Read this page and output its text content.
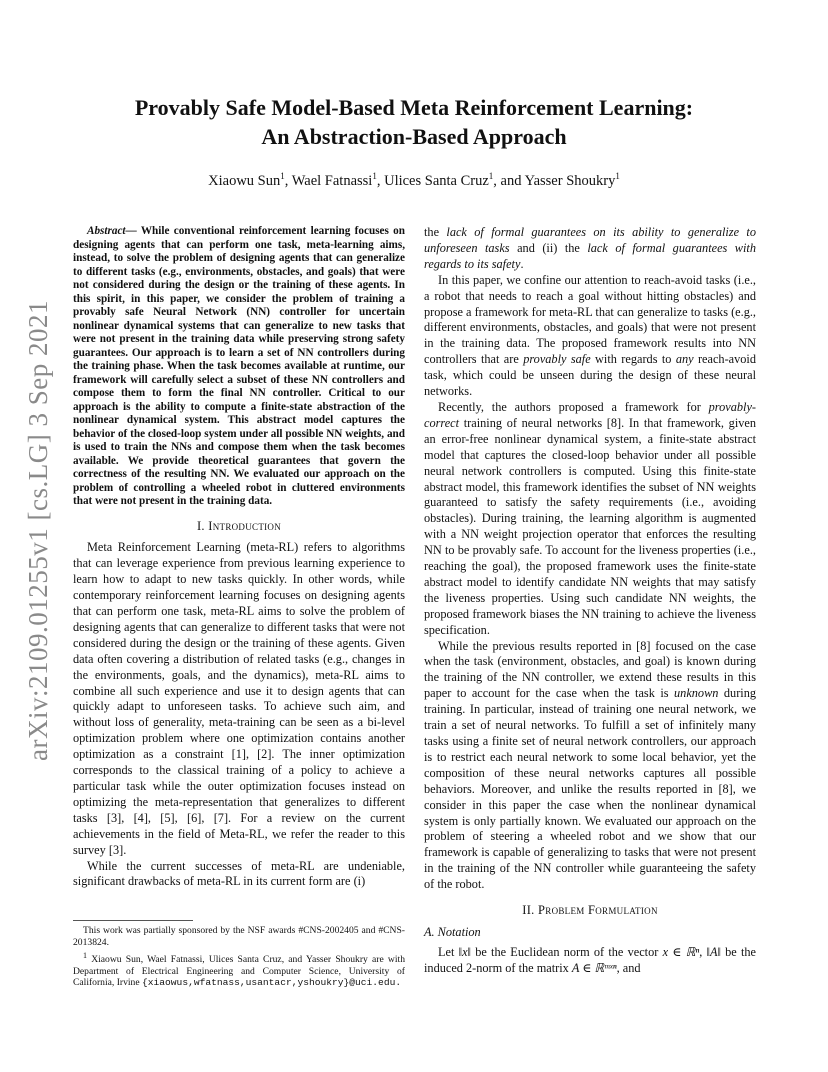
arXiv:2109.01255v1 [cs.LG] 3 Sep 2021
Provably Safe Model-Based Meta Reinforcement Learning:
An Abstraction-Based Approach
Xiaowu Sun$^1$, Wael Fatnassi$^1$, Ulices Santa Cruz$^1$, and Yasser Shoukry$^1$

Abstract— While conventional reinforcement learning focuses on designing agents that can perform one task, meta-learning aims, instead, to solve the problem of designing agents that can generalize to different tasks (e.g., environments, obstacles, and goals) that were not considered during the design or the training of these agents. In this spirit, in this paper, we consider the problem of training a provably safe Neural Network (NN) controller for uncertain nonlinear dynamical systems that can generalize to new tasks that were not present in the training data while preserving strong safety guarantees. Our approach is to learn a set of NN controllers during the training phase. When the task becomes available at runtime, our framework will carefully select a subset of these NN controllers and compose them to form the final NN controller. Critical to our approach is the ability to compute a finite-state abstraction of the nonlinear dynamical system. This abstract model captures the behavior of the closed-loop system under all possible NN weights, and is used to train the NNs and compose them when the task becomes available. We provide theoretical guarantees that govern the correctness of the resulting NN. We evaluated our approach on the problem of controlling a wheeled robot in cluttered environments that were not present in the training data.

I. Introduction

Meta Reinforcement Learning (meta-RL) refers to algorithms that can leverage experience from previous learning experience to learn how to adapt to new tasks quickly. In other words, while contemporary reinforcement learning focuses on designing agents that can perform one task, meta-RL aims to solve the problem of designing agents that can generalize to different tasks that were not considered during the design or the training of these agents. Given data often covering a distribution of related tasks (e.g., changes in the environments, goals, and the dynamics), meta-RL aims to combine all such experience and use it to design agents that can quickly adapt to unforeseen tasks. To achieve such aim, and without loss of generality, meta-training can be seen as a bi-level optimization problem where one optimization contains another optimization as a constraint [1], [2]. The inner optimization corresponds to the classical training of a policy to achieve a particular task while the outer optimization focuses instead on optimizing the meta-representation that generalizes to different tasks [3], [4], [5], [6], [7]. For a review on the current achievements in the field of Meta-RL, we refer the reader to this survey [3].

While the current successes of meta-RL are undeniable, significant drawbacks of meta-RL in its current form are (i)

This work was partially sponsored by the NSF awards #CNS-2002405 and #CNS-2013824.

$^1$ Xiaowu Sun, Wael Fatnassi, Ulices Santa Cruz, and Yasser Shoukry are with Department of Electrical Engineering and Computer Science, University of California, Irvine {xiaowus,wfatnass,usantacr,yshoukry}@uci.edu.

the lack of formal guarantees on its ability to generalize to unforeseen tasks and (ii) the lack of formal guarantees with regards to its safety.

In this paper, we confine our attention to reach-avoid tasks (i.e., a robot that needs to reach a goal without hitting obstacles) and propose a framework for meta-RL that can generalize to tasks (e.g., different environments, obstacles, and goals) that were not present in the training data. The proposed framework results into NN controllers that are provably safe with regards to any reach-avoid task, which could be unseen during the design of these neural networks.

Recently, the authors proposed a framework for provably-correct training of neural networks [8]. In that framework, given an error-free nonlinear dynamical system, a finite-state abstract model that captures the closed-loop behavior under all possible neural network controllers is computed. Using this finite-state abstract model, this framework identifies the subset of NN weights guaranteed to satisfy the safety requirements (i.e., avoiding obstacles). During training, the learning algorithm is augmented with a NN weight projection operator that enforces the resulting NN to be provably safe. To account for the liveness properties (i.e., reaching the goal), the proposed framework uses the finite-state abstract model to identify candidate NN weights that may satisfy the liveness properties. Using such candidate NN weights, the proposed framework biases the NN training to achieve the liveness specification.

While the previous results reported in [8] focused on the case when the task (environment, obstacles, and goal) is known during the training of the NN controller, we extend these results in this paper to account for the case when the task is unknown during training. In particular, instead of training one neural network, we train a set of neural networks. To fulfill a set of infinitely many tasks using a finite set of neural network controllers, our approach is to restrict each neural network to some local behavior, yet the composition of these neural networks captures all possible behaviors. Moreover, and unlike the results reported in [8], we consider in this paper the case when the nonlinear dynamical system is only partially known. We evaluated our approach on the problem of steering a wheeled robot and we show that our framework is capable of generalizing to tasks that were not present in the training of the NN controller while guaranteeing the safety of the robot.

II. Problem Formulation
A. Notation

Let ‖x‖ be the Euclidean norm of the vector x ∈ ℝⁿ, ‖A‖ be the induced 2-norm of the matrix A ∈ ℝᵐˣⁿ, and
